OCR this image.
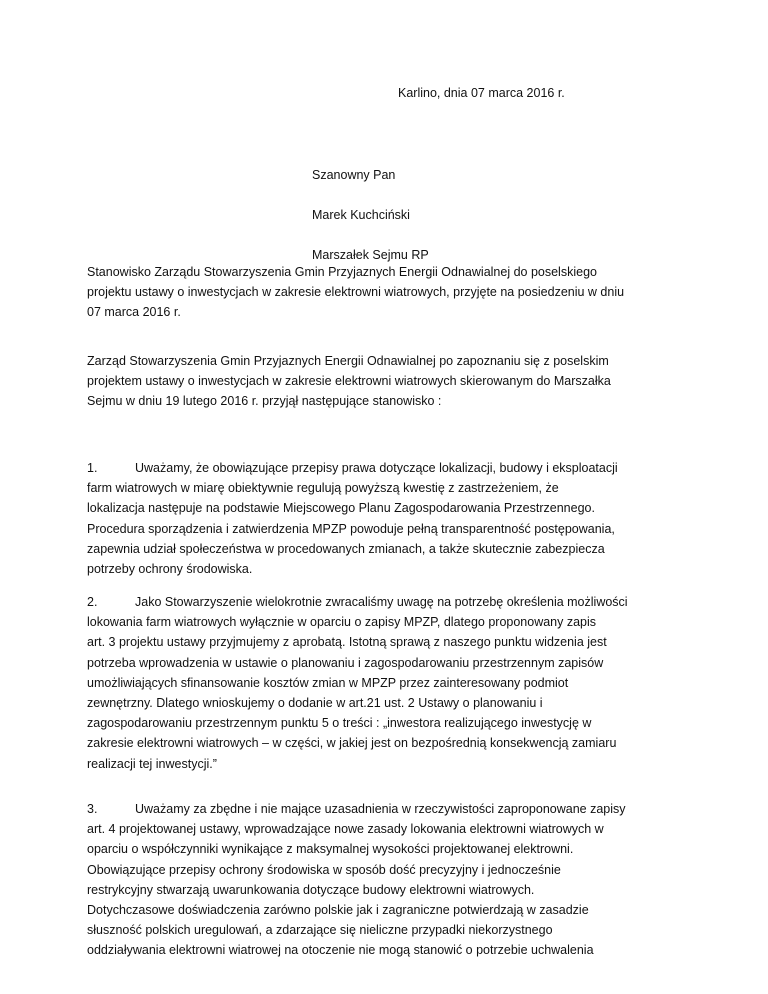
Karlino, dnia 07 marca 2016 r.
Szanowny Pan
Marek Kuchciński
Marszałek Sejmu RP
Stanowisko Zarządu Stowarzyszenia Gmin Przyjaznych Energii Odnawialnej do poselskiego
projektu ustawy o inwestycjach w zakresie elektrowni wiatrowych, przyjęte na posiedzeniu w dniu
07 marca 2016 r.
Zarząd Stowarzyszenia Gmin Przyjaznych Energii Odnawialnej po zapoznaniu się z poselskim
projektem ustawy o inwestycjach w zakresie elektrowni wiatrowych skierowanym do Marszałka
Sejmu w dniu 19 lutego 2016 r. przyjął następujące stanowisko :
1.	Uważamy, że obowiązujące przepisy prawa dotyczące lokalizacji, budowy i eksploatacji
farm wiatrowych w miarę obiektywnie regulują powyższą kwestię z zastrzeżeniem, że
lokalizacja następuje na podstawie Miejscowego Planu Zagospodarowania Przestrzennego.
Procedura sporządzenia i zatwierdzenia MPZP powoduje pełną transparentność postępowania,
zapewnia udział społeczeństwa w procedowanych zmianach, a także skutecznie zabezpiecza
potrzeby ochrony środowiska.
2.	Jako Stowarzyszenie wielokrotnie zwracaliśmy uwagę na potrzebę określenia możliwości
lokowania farm wiatrowych wyłącznie w oparciu o zapisy MPZP, dlatego proponowany zapis
art. 3 projektu ustawy przyjmujemy z aprobatą. Istotną sprawą z naszego punktu widzenia jest
potrzeba wprowadzenia w ustawie o planowaniu i zagospodarowaniu przestrzennym zapisów
umożliwiających sfinansowanie kosztów zmian w MPZP przez zainteresowany podmiot
zewnętrzny. Dlatego wnioskujemy o dodanie w art.21 ust. 2 Ustawy o planowaniu i
zagospodarowaniu przestrzennym punktu 5 o treści : „inwestora realizującego inwestycję w
zakresie elektrowni wiatrowych – w części, w jakiej jest on bezpośrednią konsekwencją zamiaru
realizacji tej inwestycji.”
3.	Uważamy za zbędne i nie mające uzasadnienia w rzeczywistości zaproponowane zapisy
art. 4 projektowanej ustawy, wprowadzające nowe zasady lokowania elektrowni wiatrowych w
oparciu o współczynniki wynikające z maksymalnej wysokości projektowanej elektrowni.
Obowiązujące przepisy ochrony środowiska w sposób dość precyzyjny i jednocześnie
restrykcyjny stwarzają uwarunkowania dotyczące budowy elektrowni wiatrowych.
Dotychczasowe doświadczenia zarówno polskie jak i zagraniczne potwierdzają w zasadzie
słuszność polskich uregulowań, a zdarzające się nieliczne przypadki niekorzystnego
oddziaływania elektrowni wiatrowej na otoczenie nie mogą stanowić o potrzebie uchwalenia
